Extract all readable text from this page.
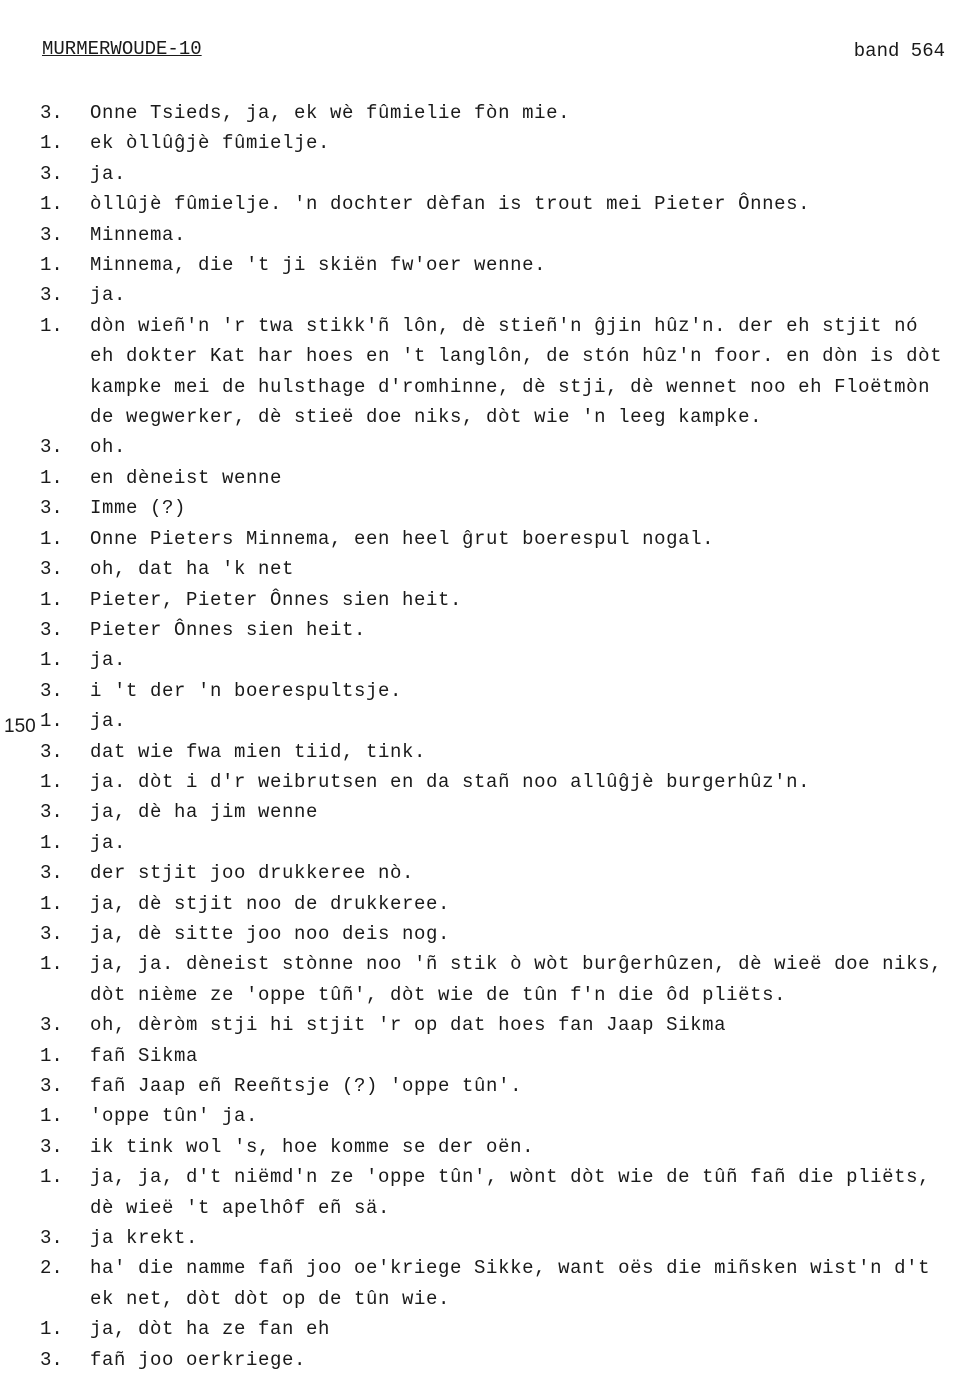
MURMERWOUDE-10	band 564
3. Onne Tsieds, ja, ek wè fûmielie fòn mie.
1. ek òllûĝjè fûmielje.
3. ja.
1. òllûjè fûmielje. 'n dochter dèfan is trout mei Pieter Ônnes.
3. Minnema.
1. Minnema, die 't ji skiën fw'oer wenne.
3. ja.
1. dòn wieñ'n 'r twa stikk'ñ lôn, dè stieñ'n ĝjin hûz'n. der eh stjit nó eh dokter Kat har hoes en 't langlôn, de stón hûz'n foor. en dòn is dòt kampke mei de hulsthage d'romhinne, dè stji, dè wennet noo eh Floëtmòn de wegwerker, dè stieë doe niks, dòt wie 'n leeg kampke.
3. oh.
1. en dèneist wenne
3. Imme (?)
1. Onne Pieters Minnema, een heel ĝrut boerespul nogal.
3. oh, dat ha 'k net
1. Pieter, Pieter Ônnes sien heit.
3. Pieter Ônnes sien heit.
1. ja.
3. i 't der 'n boerespultsje.
150 1. ja.
3. dat wie fwa mien tiid, tink.
1. ja. dòt i d'r weibrutsen en da stañ noo allûĝjè burgerhûz'n.
3. ja, dè ha jim wenne
1. ja.
3. der stjit joo drukkeree nò.
1. ja, dè stjit noo de drukkeree.
3. ja, dè sitte joo noo deis nog.
1. ja, ja. dèneist stònne noo 'ñ stik ò wòt burĝerhûzen, dè wieë doe niks, dòt nième ze 'oppe tûñ', dòt wie de tûn f'n die ôd pliëts.
3. oh, dèròm stji hi stjit 'r op dat hoes fan Jaap Sikma
1. fañ Sikma
3. fañ Jaap eñ Reeñtsje (?) 'oppe tûn'.
1. 'oppe tûn' ja.
3. ik tink wol 's, hoe komme se der oën.
1. ja, ja, d't niëmd'n ze 'oppe tûn', wònt dòt wie de tûñ fañ die pliëts, dè wieë 't apelhôf eñ sä.
3. ja krekt.
2. ha' die namme fañ joo oe'kriege Sikke, want oës die miñsken wist'n d't ek net, dòt dòt op de tûn wie.
1. ja, dòt ha ze fan eh
3. fañ joo oerkriege.
